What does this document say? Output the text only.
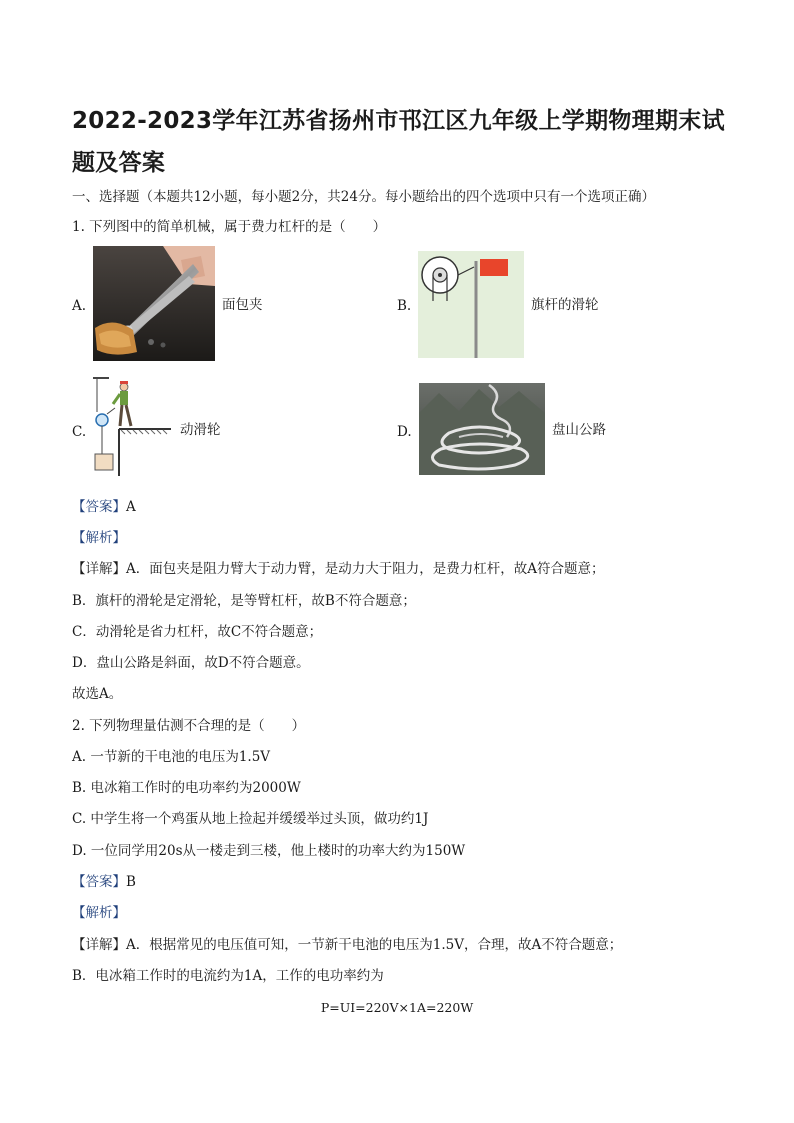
2022-2023学年江苏省扬州市邗江区九年级上学期物理期末试题及答案
一、选择题（本题共12小题，每小题2分，共24分。每小题给出的四个选项中只有一个选项正确）
1. 下列图中的简单机械，属于费力杠杆的是（　　）
A.	面包夹	B.	旗杆的滑轮
C.	动滑轮	D.	盘山公路
【答案】A
【解析】
【详解】A．面包夹是阻力臂大于动力臂，是动力大于阻力，是费力杠杆，故A符合题意；
B．旗杆的滑轮是定滑轮，是等臂杠杆，故B不符合题意；
C．动滑轮是省力杠杆，故C不符合题意；
D．盘山公路是斜面，故D不符合题意。
故选A。
2. 下列物理量估测不合理的是（　　）
A. 一节新的干电池的电压为1.5V
B. 电冰箱工作时的电功率约为2000W
C. 中学生将一个鸡蛋从地上捡起并缓缓举过头顶，做功约1J
D. 一位同学用20s从一楼走到三楼，他上楼时的功率大约为150W
【答案】B
【解析】
【详解】A．根据常见的电压值可知，一节新干电池的电压为1.5V，合理，故A不符合题意；
B．电冰箱工作时的电流约为1A，工作的电功率约为
P=UI=220V×1A=220W
